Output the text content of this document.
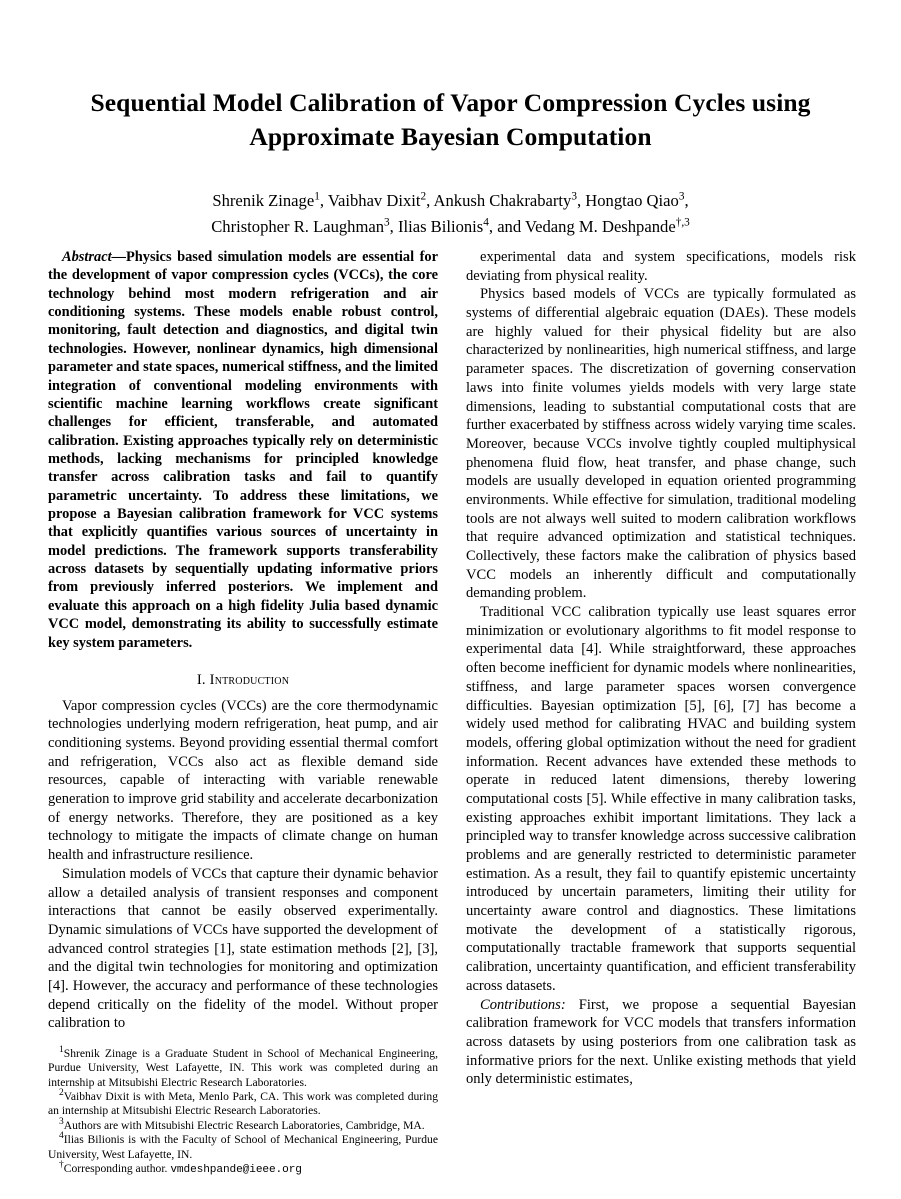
Sequential Model Calibration of Vapor Compression Cycles using Approximate Bayesian Computation
Shrenik Zinage$^1$, Vaibhav Dixit$^2$, Ankush Chakrabarty$^3$, Hongtao Qiao$^3$,
Christopher R. Laughman$^3$, Ilias Bilionis$^4$, and Vedang M. Deshpande$^{\dagger,3}$

Abstract—Physics based simulation models are essential for the development of vapor compression cycles (VCCs), the core technology behind most modern refrigeration and air conditioning systems. These models enable robust control, monitoring, fault detection and diagnostics, and digital twin technologies. However, nonlinear dynamics, high dimensional parameter and state spaces, numerical stiffness, and the limited integration of conventional modeling environments with scientific machine learning workflows create significant challenges for efficient, transferable, and automated calibration. Existing approaches typically rely on deterministic methods, lacking mechanisms for principled knowledge transfer across calibration tasks and fail to quantify parametric uncertainty. To address these limitations, we propose a Bayesian calibration framework for VCC systems that explicitly quantifies various sources of uncertainty in model predictions. The framework supports transferability across datasets by sequentially updating informative priors from previously inferred posteriors. We implement and evaluate this approach on a high fidelity Julia based dynamic VCC model, demonstrating its ability to successfully estimate key system parameters.

I. Introduction

Vapor compression cycles (VCCs) are the core thermodynamic technologies underlying modern refrigeration, heat pump, and air conditioning systems. Beyond providing essential thermal comfort and refrigeration, VCCs also act as flexible demand side resources, capable of interacting with variable renewable generation to improve grid stability and accelerate decarbonization of energy networks. Therefore, they are positioned as a key technology to mitigate the impacts of climate change on human health and infrastructure resilience.

Simulation models of VCCs that capture their dynamic behavior allow a detailed analysis of transient responses and component interactions that cannot be easily observed experimentally. Dynamic simulations of VCCs have supported the development of advanced control strategies [1], state estimation methods [2], [3], and the digital twin technologies for monitoring and optimization [4]. However, the accuracy and performance of these technologies depend critically on the fidelity of the model. Without proper calibration to

$^1$Shrenik Zinage is a Graduate Student in School of Mechanical Engineering, Purdue University, West Lafayette, IN. This work was completed during an internship at Mitsubishi Electric Research Laboratories.

$^2$Vaibhav Dixit is with Meta, Menlo Park, CA. This work was completed during an internship at Mitsubishi Electric Research Laboratories.

$^3$Authors are with Mitsubishi Electric Research Laboratories, Cambridge, MA.

$^4$Ilias Bilionis is with the Faculty of School of Mechanical Engineering, Purdue University, West Lafayette, IN.

†Corresponding author. vmdeshpande@ieee.org

experimental data and system specifications, models risk deviating from physical reality.

Physics based models of VCCs are typically formulated as systems of differential algebraic equation (DAEs). These models are highly valued for their physical fidelity but are also characterized by nonlinearities, high numerical stiffness, and large parameter spaces. The discretization of governing conservation laws into finite volumes yields models with very large state dimensions, leading to substantial computational costs that are further exacerbated by stiffness across widely varying time scales. Moreover, because VCCs involve tightly coupled multiphysical phenomena fluid flow, heat transfer, and phase change, such models are usually developed in equation oriented programming environments. While effective for simulation, traditional modeling tools are not always well suited to modern calibration workflows that require advanced optimization and statistical techniques. Collectively, these factors make the calibration of physics based VCC models an inherently difficult and computationally demanding problem.

Traditional VCC calibration typically use least squares error minimization or evolutionary algorithms to fit model response to experimental data [4]. While straightforward, these approaches often become inefficient for dynamic models where nonlinearities, stiffness, and large parameter spaces worsen convergence difficulties. Bayesian optimization [5], [6], [7] has become a widely used method for calibrating HVAC and building system models, offering global optimization without the need for gradient information. Recent advances have extended these methods to operate in reduced latent dimensions, thereby lowering computational costs [5]. While effective in many calibration tasks, existing approaches exhibit important limitations. They lack a principled way to transfer knowledge across successive calibration problems and are generally restricted to deterministic parameter estimation. As a result, they fail to quantify epistemic uncertainty introduced by uncertain parameters, limiting their utility for uncertainty aware control and diagnostics. These limitations motivate the development of a statistically rigorous, computationally tractable framework that supports sequential calibration, uncertainty quantification, and efficient transferability across datasets.

Contributions: First, we propose a sequential Bayesian calibration framework for VCC models that transfers information across datasets by using posteriors from one calibration task as informative priors for the next. Unlike existing methods that yield only deterministic estimates,
